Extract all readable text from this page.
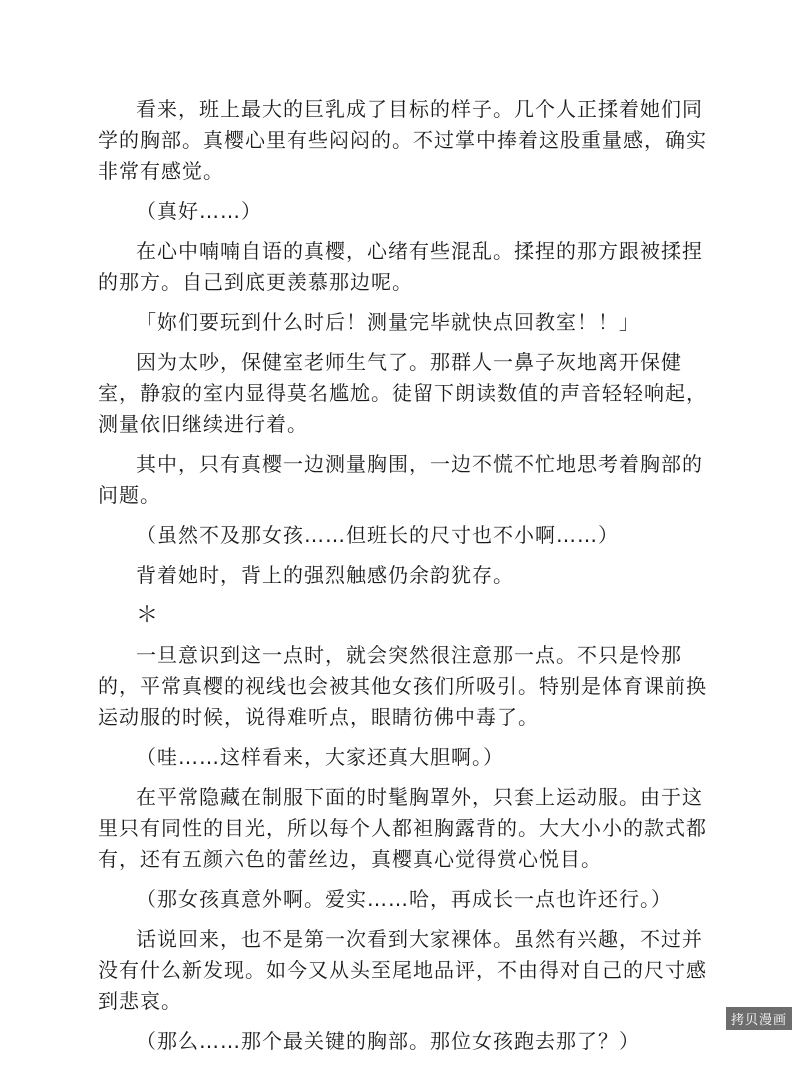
看来，班上最大的巨乳成了目标的样子。几个人正揉着她们同学的胸部。真樱心里有些闷闷的。不过掌中捧着这股重量感，确实非常有感觉。

（真好……）

在心中喃喃自语的真樱，心绪有些混乱。揉捏的那方跟被揉捏的那方。自己到底更羡慕那边呢。

「妳们要玩到什么时后！测量完毕就快点回教室！！」

因为太吵，保健室老师生气了。那群人一鼻子灰地离开保健室，静寂的室内显得莫名尴尬。徒留下朗读数值的声音轻轻响起，测量依旧继续进行着。

其中，只有真樱一边测量胸围，一边不慌不忙地思考着胸部的问题。

（虽然不及那女孩……但班长的尺寸也不小啊……）

背着她时，背上的强烈触感仍余韵犹存。

＊

一旦意识到这一点时，就会突然很注意那一点。不只是怜那的，平常真樱的视线也会被其他女孩们所吸引。特别是体育课前换运动服的时候，说得难听点，眼睛彷佛中毒了。

（哇……这样看来，大家还真大胆啊。）

在平常隐藏在制服下面的时髦胸罩外，只套上运动服。由于这里只有同性的目光，所以每个人都袒胸露背的。大大小小的款式都有，还有五颜六色的蕾丝边，真樱真心觉得赏心悦目。

（那女孩真意外啊。爱实……哈，再成长一点也许还行。）

话说回来，也不是第一次看到大家裸体。虽然有兴趣，不过并没有什么新发现。如今又从头至尾地品评，不由得对自己的尺寸感到悲哀。

（那么……那个最关键的胸部。那位女孩跑去那了？）

拷贝漫画
